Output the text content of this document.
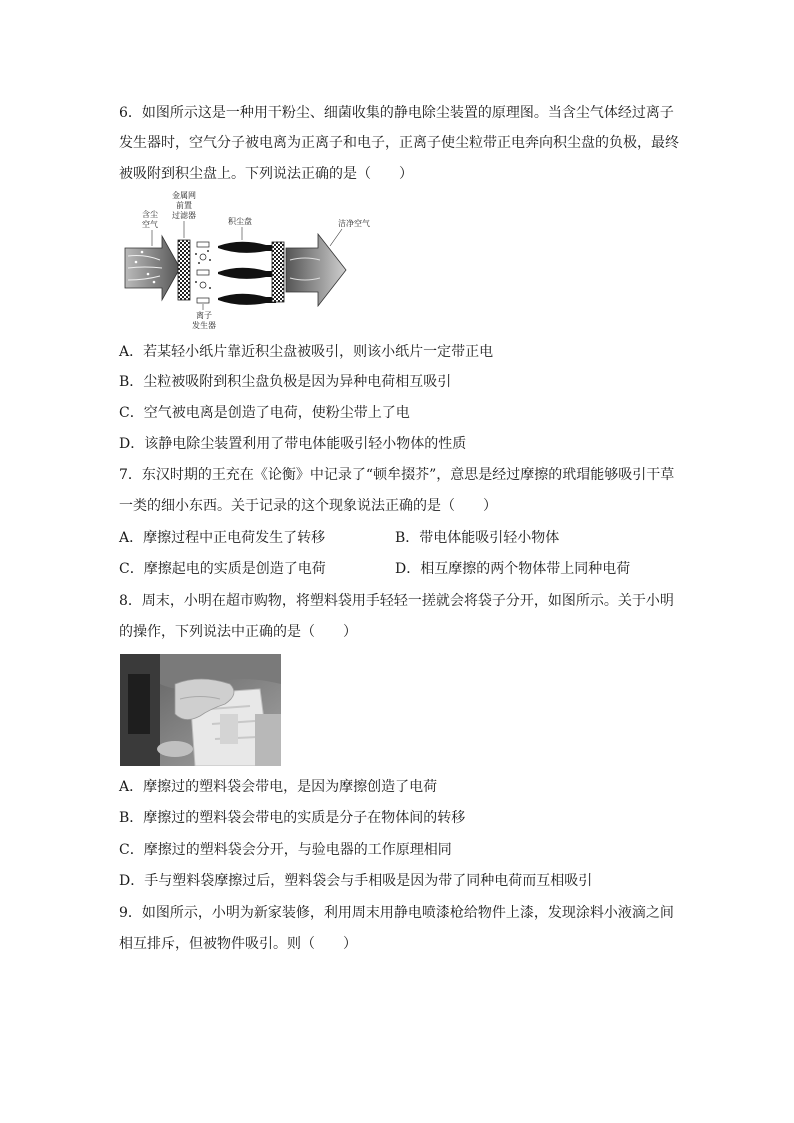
6．如图所示这是一种用干粉尘、细菌收集的静电除尘装置的原理图。当含尘气体经过离子
发生器时，空气分子被电离为正离子和电子，正离子使尘粒带正电奔向积尘盘的负极，最终
被吸附到积尘盘上。下列说法正确的是（　　）
含尘
空气
金属网
前置
过滤器
离子
发生器
积尘盘	洁净空气
A．若某轻小纸片靠近积尘盘被吸引，则该小纸片一定带正电
B．尘粒被吸附到积尘盘负极是因为异种电荷相互吸引
C．空气被电离是创造了电荷，使粉尘带上了电
D．该静电除尘装置利用了带电体能吸引轻小物体的性质
7．东汉时期的王充在《论衡》中记录了“顿牟掇芥”，意思是经过摩擦的玳瑁能够吸引干草
一类的细小东西。关于记录的这个现象说法正确的是（　　）
A．摩擦过程中正电荷发生了转移	B．带电体能吸引轻小物体
C．摩擦起电的实质是创造了电荷	D．相互摩擦的两个物体带上同种电荷
8．周末，小明在超市购物，将塑料袋用手轻轻一搓就会将袋子分开，如图所示。关于小明
的操作，下列说法中正确的是（　　）
A．摩擦过的塑料袋会带电，是因为摩擦创造了电荷
B．摩擦过的塑料袋会带电的实质是分子在物体间的转移
C．摩擦过的塑料袋会分开，与验电器的工作原理相同
D．手与塑料袋摩擦过后，塑料袋会与手相吸是因为带了同种电荷而互相吸引
9．如图所示，小明为新家装修，利用周末用静电喷漆枪给物件上漆，发现涂料小液滴之间
相互排斥，但被物件吸引。则（　　）
